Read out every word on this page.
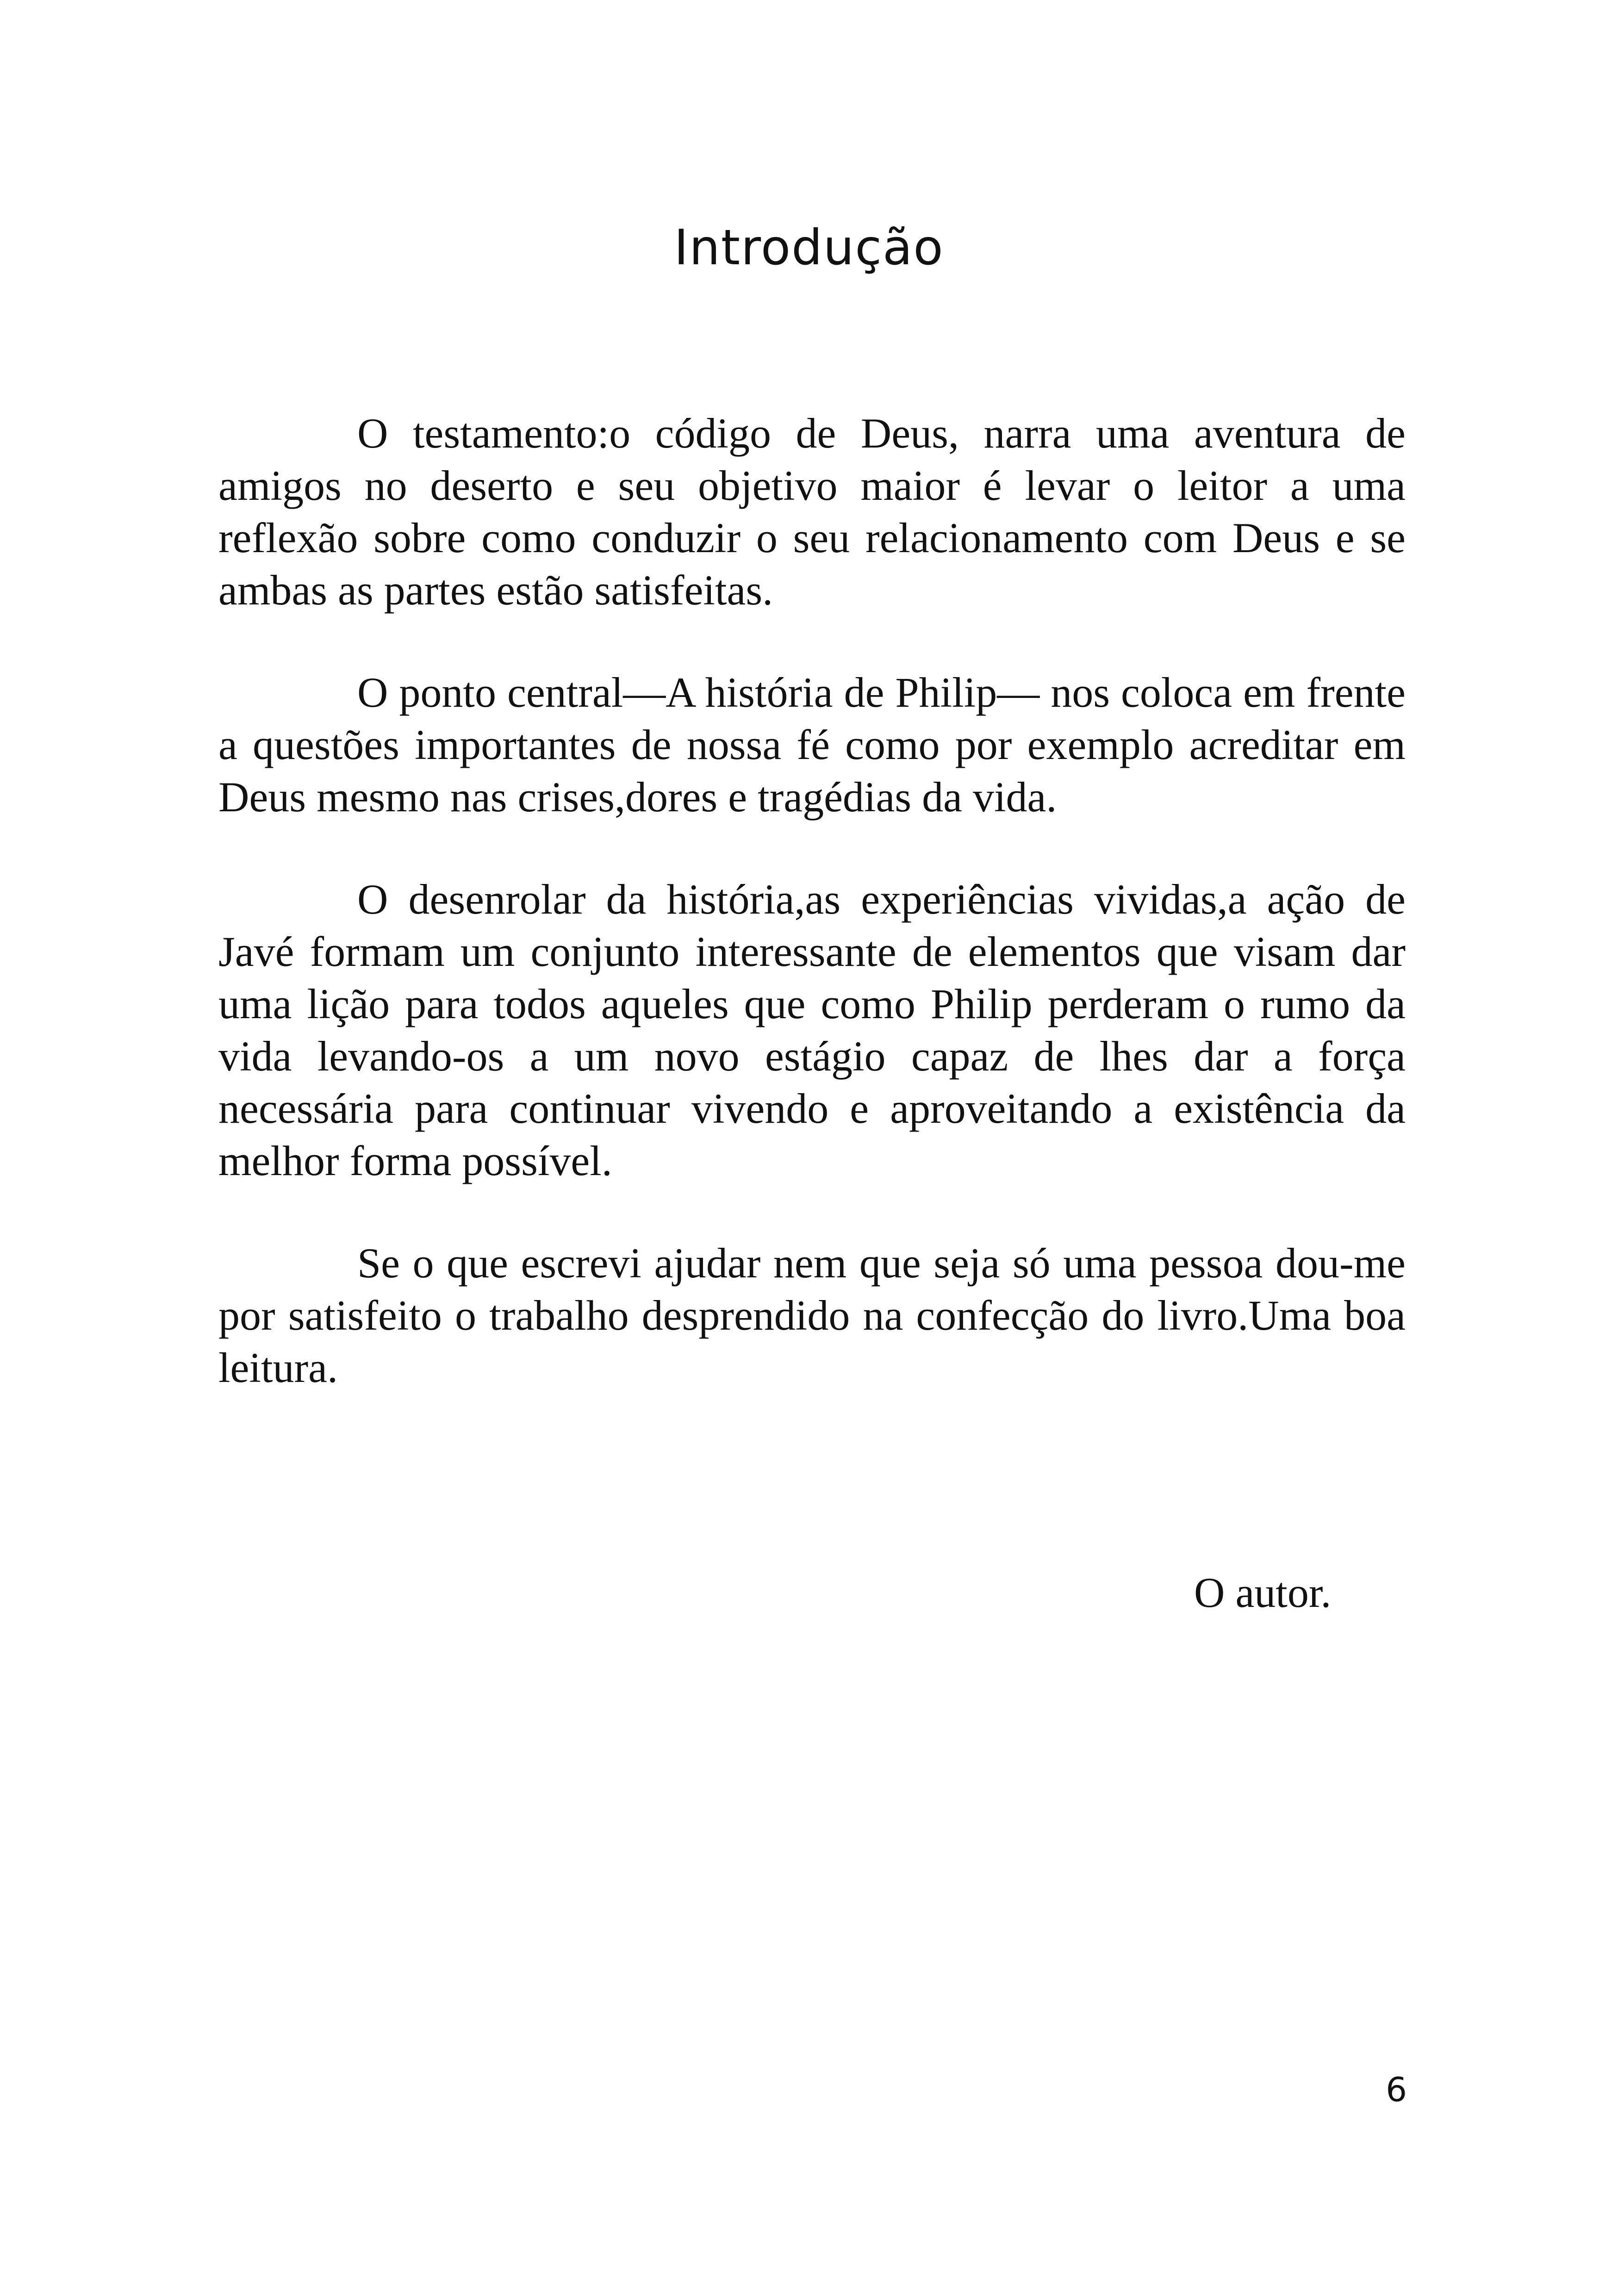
Introdução

O testamento:o código de Deus, narra uma aventura de amigos no deserto e seu objetivo maior é levar o leitor a uma reflexão sobre como conduzir o seu relacionamento com Deus e se ambas as partes estão satisfeitas.

O ponto central—A história de Philip— nos coloca em frente a questões importantes de nossa fé como por exemplo acreditar em Deus mesmo nas crises,dores e tragédias da vida.

O desenrolar da história,as experiências vividas,a ação de Javé formam um conjunto interessante de elementos que visam dar uma lição para todos aqueles que como Philip perderam o rumo da vida levando-os a um novo estágio capaz de lhes dar a força necessária para continuar vivendo e aproveitando a existência da melhor forma possível.

Se o que escrevi ajudar nem que seja só uma pessoa dou-me por satisfeito o trabalho desprendido na confecção do livro.Uma boa leitura.

O autor.
6
